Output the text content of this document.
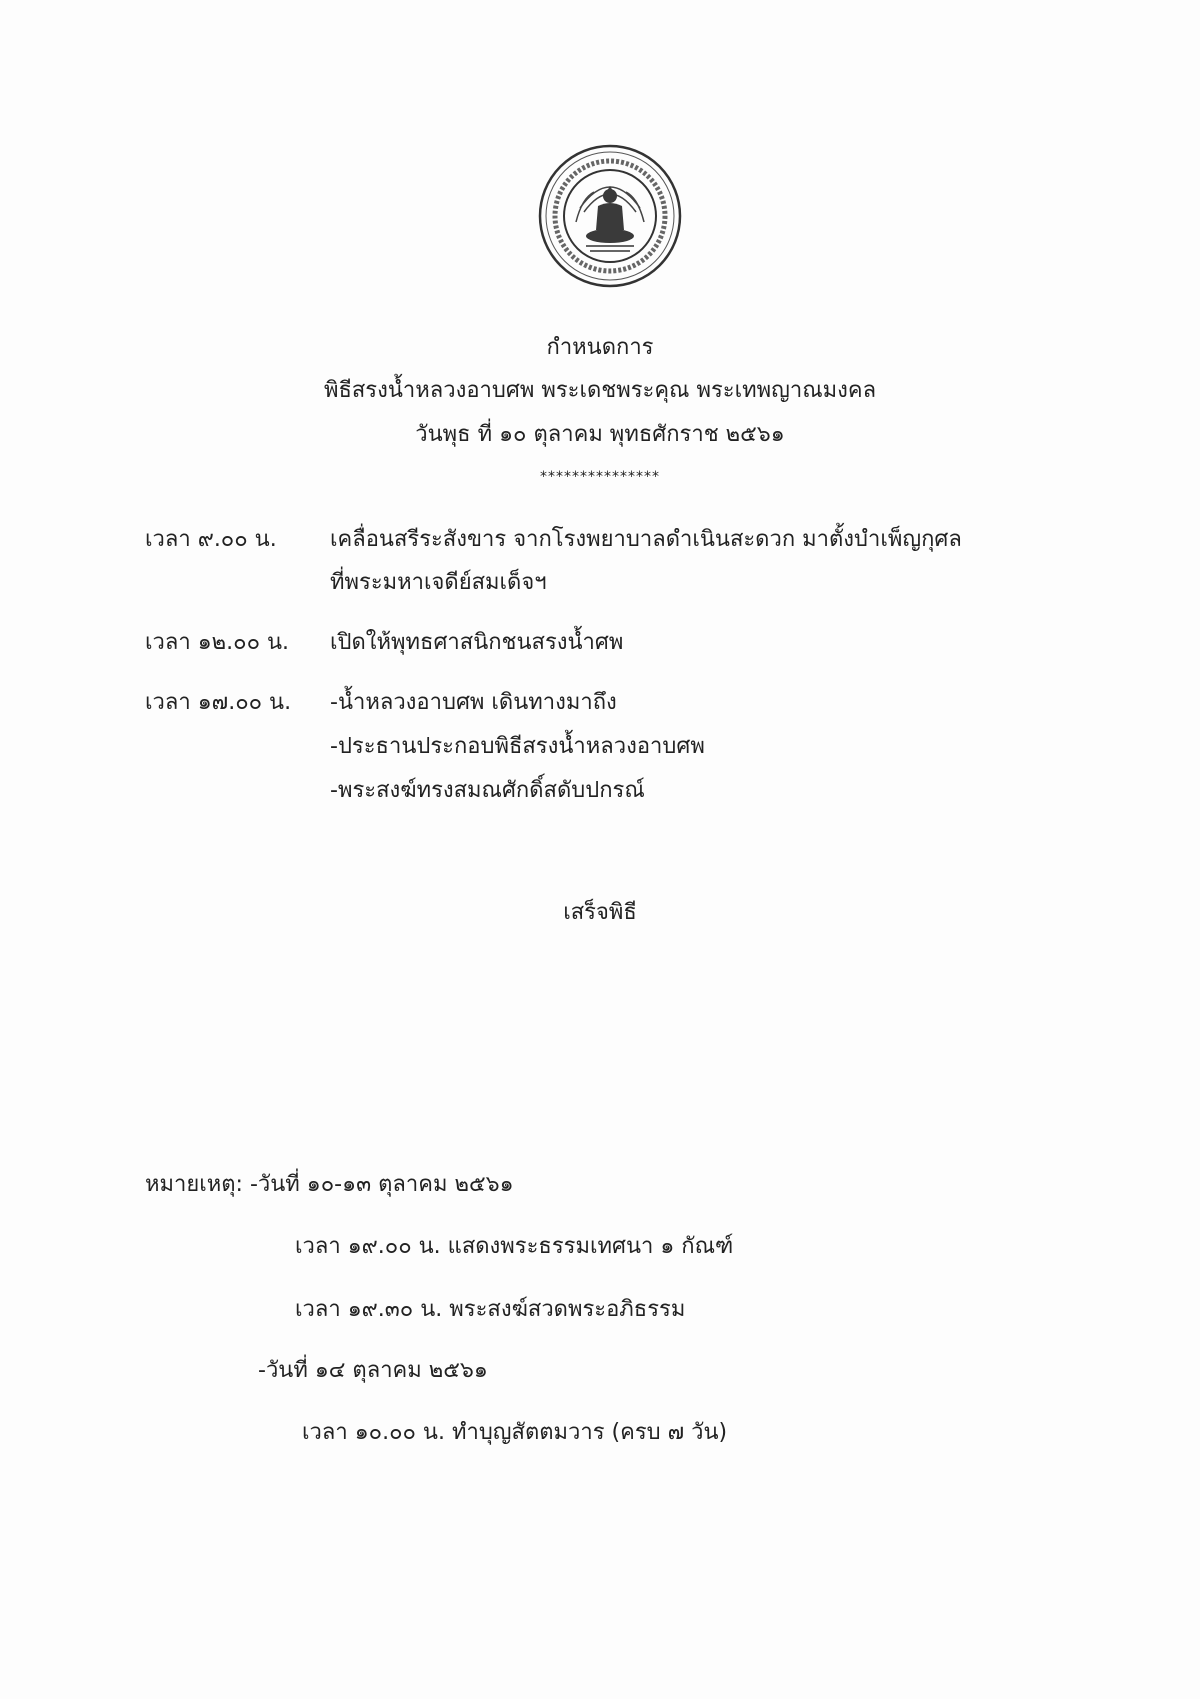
กำหนดการ
พิธีสรงน้ำหลวงอาบศพ พระเดชพระคุณ พระเทพญาณมงคล
วันพุธ ที่ ๑๐ ตุลาคม พุทธศักราช ๒๕๖๑
***************
เวลา ๙.๐๐ น. เคลื่อนสรีระสังขาร จากโรงพยาบาลดำเนินสะดวก มาตั้งบำเพ็ญกุศล
ที่พระมหาเจดีย์สมเด็จฯ
เวลา ๑๒.๐๐ น. เปิดให้พุทธศาสนิกชนสรงน้ำศพ
เวลา ๑๗.๐๐ น. -น้ำหลวงอาบศพ เดินทางมาถึง
-ประธานประกอบพิธีสรงน้ำหลวงอาบศพ
-พระสงฆ์ทรงสมณศักดิ์สดับปกรณ์
เสร็จพิธี
หมายเหตุ: -วันที่ ๑๐-๑๓ ตุลาคม ๒๕๖๑
เวลา ๑๙.๐๐ น. แสดงพระธรรมเทศนา ๑ กัณฑ์
เวลา ๑๙.๓๐ น. พระสงฆ์สวดพระอภิธรรม
-วันที่ ๑๔ ตุลาคม ๒๕๖๑
เวลา ๑๐.๐๐ น. ทำบุญสัตตมวาร (ครบ ๗ วัน)
